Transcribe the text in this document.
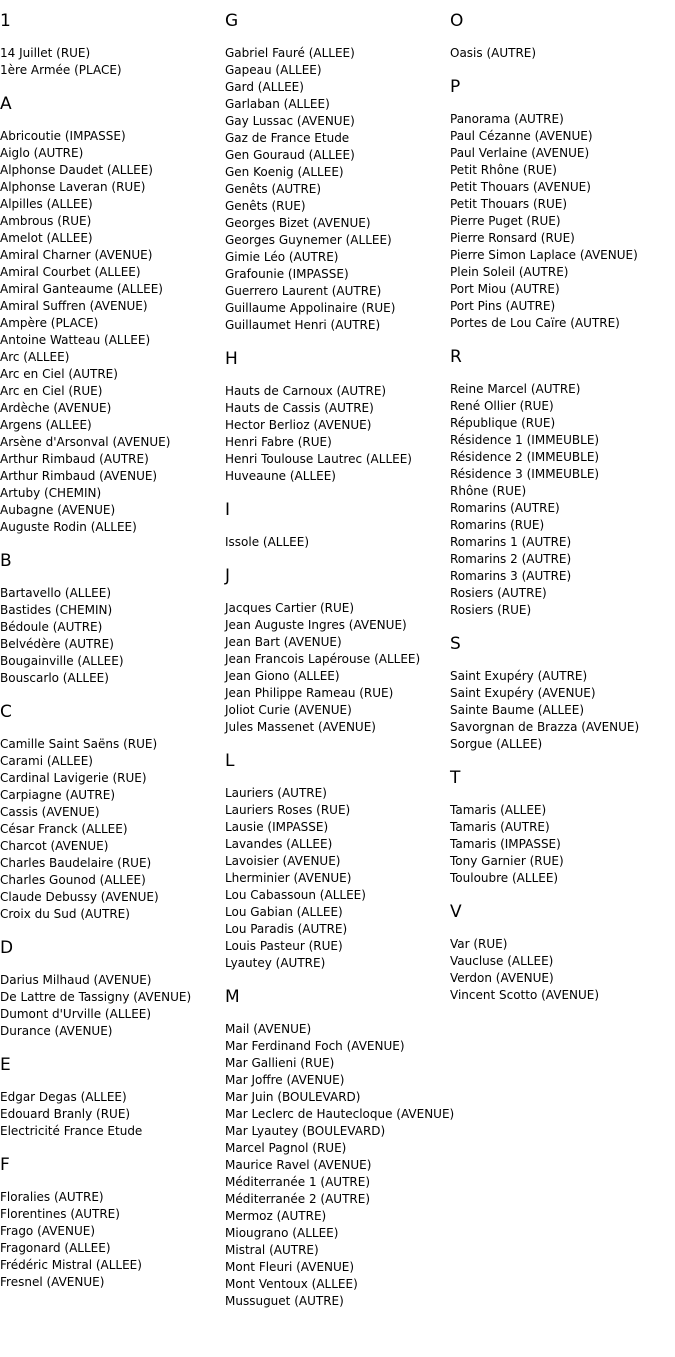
1
14 Juillet (RUE)
1ère Armée (PLACE)
A
Abricoutie (IMPASSE)
Aiglo (AUTRE)
Alphonse Daudet (ALLEE)
Alphonse Laveran (RUE)
Alpilles (ALLEE)
Ambrous (RUE)
Amelot (ALLEE)
Amiral Charner (AVENUE)
Amiral Courbet (ALLEE)
Amiral Ganteaume (ALLEE)
Amiral Suffren (AVENUE)
Ampère (PLACE)
Antoine Watteau (ALLEE)
Arc (ALLEE)
Arc en Ciel (AUTRE)
Arc en Ciel (RUE)
Ardèche (AVENUE)
Argens (ALLEE)
Arsène d'Arsonval (AVENUE)
Arthur Rimbaud (AUTRE)
Arthur Rimbaud (AVENUE)
Artuby (CHEMIN)
Aubagne (AVENUE)
Auguste Rodin (ALLEE)
B
Bartavello (ALLEE)
Bastides (CHEMIN)
Bédoule (AUTRE)
Belvédère (AUTRE)
Bougainville (ALLEE)
Bouscarlo (ALLEE)
C
Camille Saint Saëns (RUE)
Carami (ALLEE)
Cardinal Lavigerie (RUE)
Carpiagne (AUTRE)
Cassis (AVENUE)
César Franck (ALLEE)
Charcot (AVENUE)
Charles Baudelaire (RUE)
Charles Gounod (ALLEE)
Claude Debussy (AVENUE)
Croix du Sud (AUTRE)
D
Darius Milhaud (AVENUE)
De Lattre de Tassigny (AVENUE)
Dumont d'Urville (ALLEE)
Durance (AVENUE)
E
Edgar Degas (ALLEE)
Edouard Branly (RUE)
Electricité France Etude
F
Floralies (AUTRE)
Florentines (AUTRE)
Frago (AVENUE)
Fragonard (ALLEE)
Frédéric Mistral (ALLEE)
Fresnel (AVENUE)
G
Gabriel Fauré (ALLEE)
Gapeau (ALLEE)
Gard (ALLEE)
Garlaban (ALLEE)
Gay Lussac (AVENUE)
Gaz de France Etude
Gen Gouraud (ALLEE)
Gen Koenig (ALLEE)
Genêts (AUTRE)
Genêts (RUE)
Georges Bizet (AVENUE)
Georges Guynemer (ALLEE)
Gimie Léo (AUTRE)
Grafounie (IMPASSE)
Guerrero Laurent (AUTRE)
Guillaume Appolinaire (RUE)
Guillaumet Henri (AUTRE)
H
Hauts de Carnoux (AUTRE)
Hauts de Cassis (AUTRE)
Hector Berlioz (AVENUE)
Henri Fabre (RUE)
Henri Toulouse Lautrec (ALLEE)
Huveaune (ALLEE)
I
Issole (ALLEE)
J
Jacques Cartier (RUE)
Jean Auguste Ingres (AVENUE)
Jean Bart (AVENUE)
Jean Francois Lapérouse (ALLEE)
Jean Giono (ALLEE)
Jean Philippe Rameau (RUE)
Joliot Curie (AVENUE)
Jules Massenet (AVENUE)
L
Lauriers (AUTRE)
Lauriers Roses (RUE)
Lausie (IMPASSE)
Lavandes (ALLEE)
Lavoisier (AVENUE)
Lherminier (AVENUE)
Lou Cabassoun (ALLEE)
Lou Gabian (ALLEE)
Lou Paradis (AUTRE)
Louis Pasteur (RUE)
Lyautey (AUTRE)
M
Mail (AVENUE)
Mar Ferdinand Foch (AVENUE)
Mar Gallieni (RUE)
Mar Joffre (AVENUE)
Mar Juin (BOULEVARD)
Mar Leclerc de Hautecloque (AVENUE)
Mar Lyautey (BOULEVARD)
Marcel Pagnol (RUE)
Maurice Ravel (AVENUE)
Méditerranée 1 (AUTRE)
Méditerranée 2 (AUTRE)
Mermoz (AUTRE)
Miougrano (ALLEE)
Mistral (AUTRE)
Mont Fleuri (AVENUE)
Mont Ventoux (ALLEE)
Mussuguet (AUTRE)
O
Oasis (AUTRE)
P
Panorama (AUTRE)
Paul Cézanne (AVENUE)
Paul Verlaine (AVENUE)
Petit Rhône (RUE)
Petit Thouars (AVENUE)
Petit Thouars (RUE)
Pierre Puget (RUE)
Pierre Ronsard (RUE)
Pierre Simon Laplace (AVENUE)
Plein Soleil (AUTRE)
Port Miou (AUTRE)
Port Pins (AUTRE)
Portes de Lou Caïre (AUTRE)
R
Reine Marcel (AUTRE)
René Ollier (RUE)
République (RUE)
Résidence 1 (IMMEUBLE)
Résidence 2 (IMMEUBLE)
Résidence 3 (IMMEUBLE)
Rhône (RUE)
Romarins (AUTRE)
Romarins (RUE)
Romarins 1 (AUTRE)
Romarins 2 (AUTRE)
Romarins 3 (AUTRE)
Rosiers (AUTRE)
Rosiers (RUE)
S
Saint Exupéry (AUTRE)
Saint Exupéry (AVENUE)
Sainte Baume (ALLEE)
Savorgnan de Brazza (AVENUE)
Sorgue (ALLEE)
T
Tamaris (ALLEE)
Tamaris (AUTRE)
Tamaris (IMPASSE)
Tony Garnier (RUE)
Touloubre (ALLEE)
V
Var (RUE)
Vaucluse (ALLEE)
Verdon (AVENUE)
Vincent Scotto (AVENUE)
